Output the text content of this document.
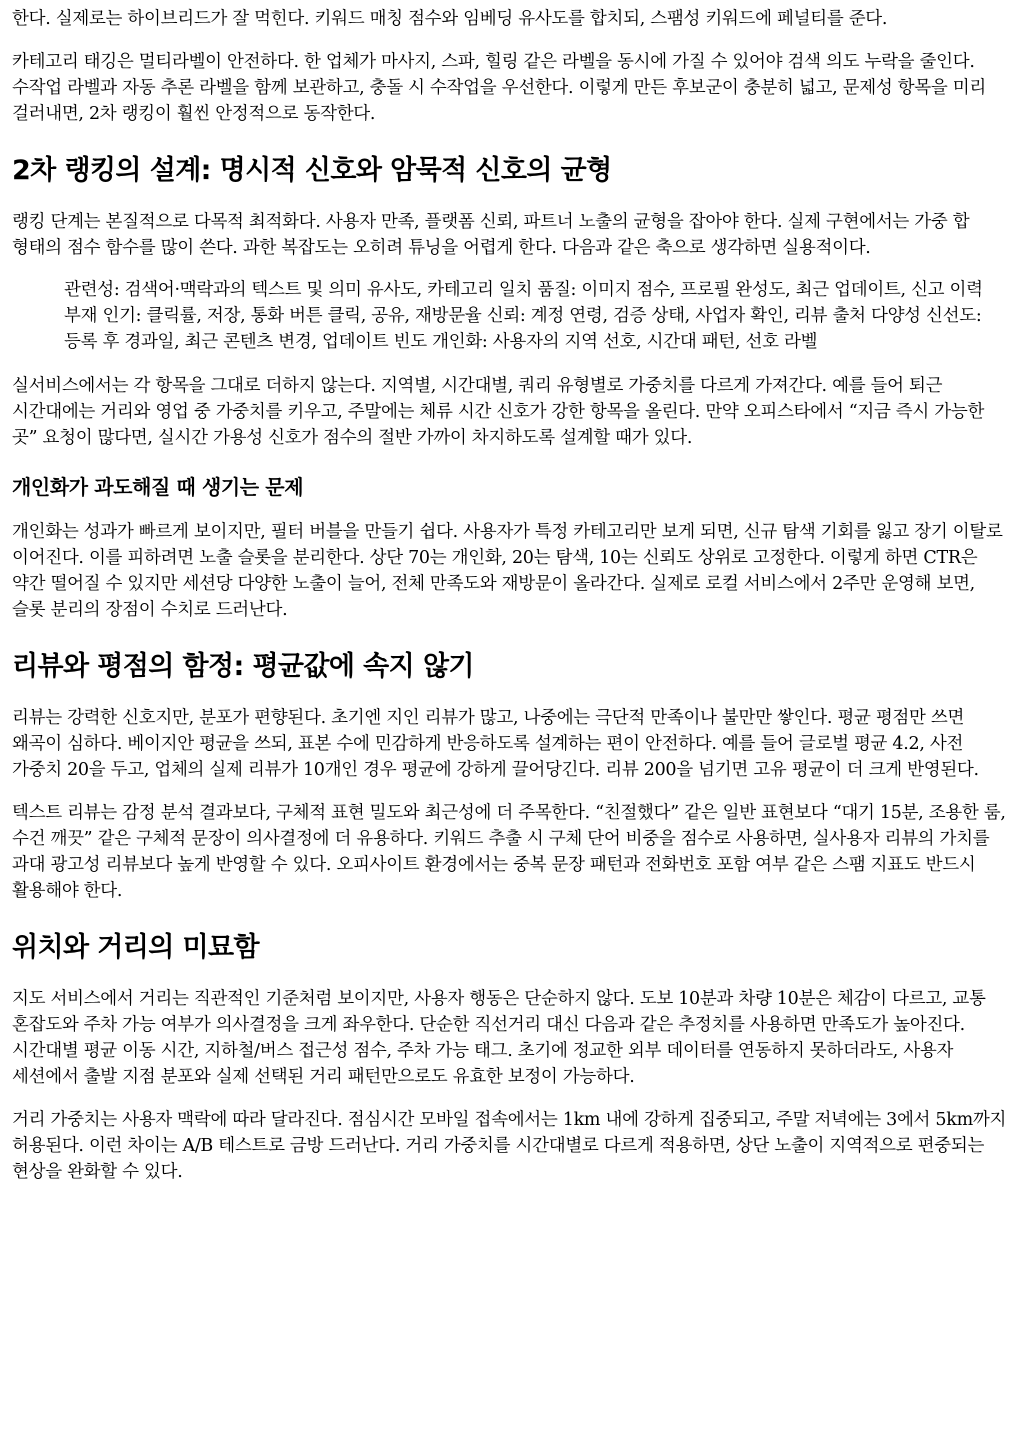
한다. 실제로는 하이브리드가 잘 먹힌다. 키워드 매칭 점수와 임베딩 유사도를 합치되, 스팸성 키워드에 페널티를 준다.

카테고리 태깅은 멀티라벨이 안전하다. 한 업체가 마사지, 스파, 힐링 같은 라벨을 동시에 가질 수 있어야 검색 의도 누락을 줄인다. 수작업 라벨과 자동 추론 라벨을 함께 보관하고, 충돌 시 수작업을 우선한다. 이렇게 만든 후보군이 충분히 넓고, 문제성 항목을 미리 걸러내면, 2차 랭킹이 훨씬 안정적으로 동작한다.

2차 랭킹의 설계: 명시적 신호와 암묵적 신호의 균형

랭킹 단계는 본질적으로 다목적 최적화다. 사용자 만족, 플랫폼 신뢰, 파트너 노출의 균형을 잡아야 한다. 실제 구현에서는 가중 합 형태의 점수 함수를 많이 쓴다. 과한 복잡도는 오히려 튜닝을 어렵게 한다. 다음과 같은 축으로 생각하면 실용적이다.

관련성: 검색어·맥락과의 텍스트 및 의미 유사도, 카테고리 일치 품질: 이미지 점수, 프로필 완성도, 최근 업데이트, 신고 이력 부재 인기: 클릭률, 저장, 통화 버튼 클릭, 공유, 재방문율 신뢰: 계정 연령, 검증 상태, 사업자 확인, 리뷰 출처 다양성 신선도: 등록 후 경과일, 최근 콘텐츠 변경, 업데이트 빈도 개인화: 사용자의 지역 선호, 시간대 패턴, 선호 라벨

실서비스에서는 각 항목을 그대로 더하지 않는다. 지역별, 시간대별, 쿼리 유형별로 가중치를 다르게 가져간다. 예를 들어 퇴근 시간대에는 거리와 영업 중 가중치를 키우고, 주말에는 체류 시간 신호가 강한 항목을 올린다. 만약 오피스타에서 “지금 즉시 가능한 곳” 요청이 많다면, 실시간 가용성 신호가 점수의 절반 가까이 차지하도록 설계할 때가 있다.

개인화가 과도해질 때 생기는 문제

개인화는 성과가 빠르게 보이지만, 필터 버블을 만들기 쉽다. 사용자가 특정 카테고리만 보게 되면, 신규 탐색 기회를 잃고 장기 이탈로 이어진다. 이를 피하려면 노출 슬롯을 분리한다. 상단 70는 개인화, 20는 탐색, 10는 신뢰도 상위로 고정한다. 이렇게 하면 CTR은 약간 떨어질 수 있지만 세션당 다양한 노출이 늘어, 전체 만족도와 재방문이 올라간다. 실제로 로컬 서비스에서 2주만 운영해 보면, 슬롯 분리의 장점이 수치로 드러난다.

리뷰와 평점의 함정: 평균값에 속지 않기

리뷰는 강력한 신호지만, 분포가 편향된다. 초기엔 지인 리뷰가 많고, 나중에는 극단적 만족이나 불만만 쌓인다. 평균 평점만 쓰면 왜곡이 심하다. 베이지안 평균을 쓰되, 표본 수에 민감하게 반응하도록 설계하는 편이 안전하다. 예를 들어 글로벌 평균 4.2, 사전 가중치 20을 두고, 업체의 실제 리뷰가 10개인 경우 평균에 강하게 끌어당긴다. 리뷰 200을 넘기면 고유 평균이 더 크게 반영된다.

텍스트 리뷰는 감정 분석 결과보다, 구체적 표현 밀도와 최근성에 더 주목한다. “친절했다” 같은 일반 표현보다 “대기 15분, 조용한 룸, 수건 깨끗” 같은 구체적 문장이 의사결정에 더 유용하다. 키워드 추출 시 구체 단어 비중을 점수로 사용하면, 실사용자 리뷰의 가치를 과대 광고성 리뷰보다 높게 반영할 수 있다. 오피사이트 환경에서는 중복 문장 패턴과 전화번호 포함 여부 같은 스팸 지표도 반드시 활용해야 한다.

위치와 거리의 미묘함

지도 서비스에서 거리는 직관적인 기준처럼 보이지만, 사용자 행동은 단순하지 않다. 도보 10분과 차량 10분은 체감이 다르고, 교통 혼잡도와 주차 가능 여부가 의사결정을 크게 좌우한다. 단순한 직선거리 대신 다음과 같은 추정치를 사용하면 만족도가 높아진다. 시간대별 평균 이동 시간, 지하철/버스 접근성 점수, 주차 가능 태그. 초기에 정교한 외부 데이터를 연동하지 못하더라도, 사용자 세션에서 출발 지점 분포와 실제 선택된 거리 패턴만으로도 유효한 보정이 가능하다.

거리 가중치는 사용자 맥락에 따라 달라진다. 점심시간 모바일 접속에서는 1km 내에 강하게 집중되고, 주말 저녁에는 3에서 5km까지 허용된다. 이런 차이는 A/B 테스트로 금방 드러난다. 거리 가중치를 시간대별로 다르게 적용하면, 상단 노출이 지역적으로 편중되는 현상을 완화할 수 있다.
